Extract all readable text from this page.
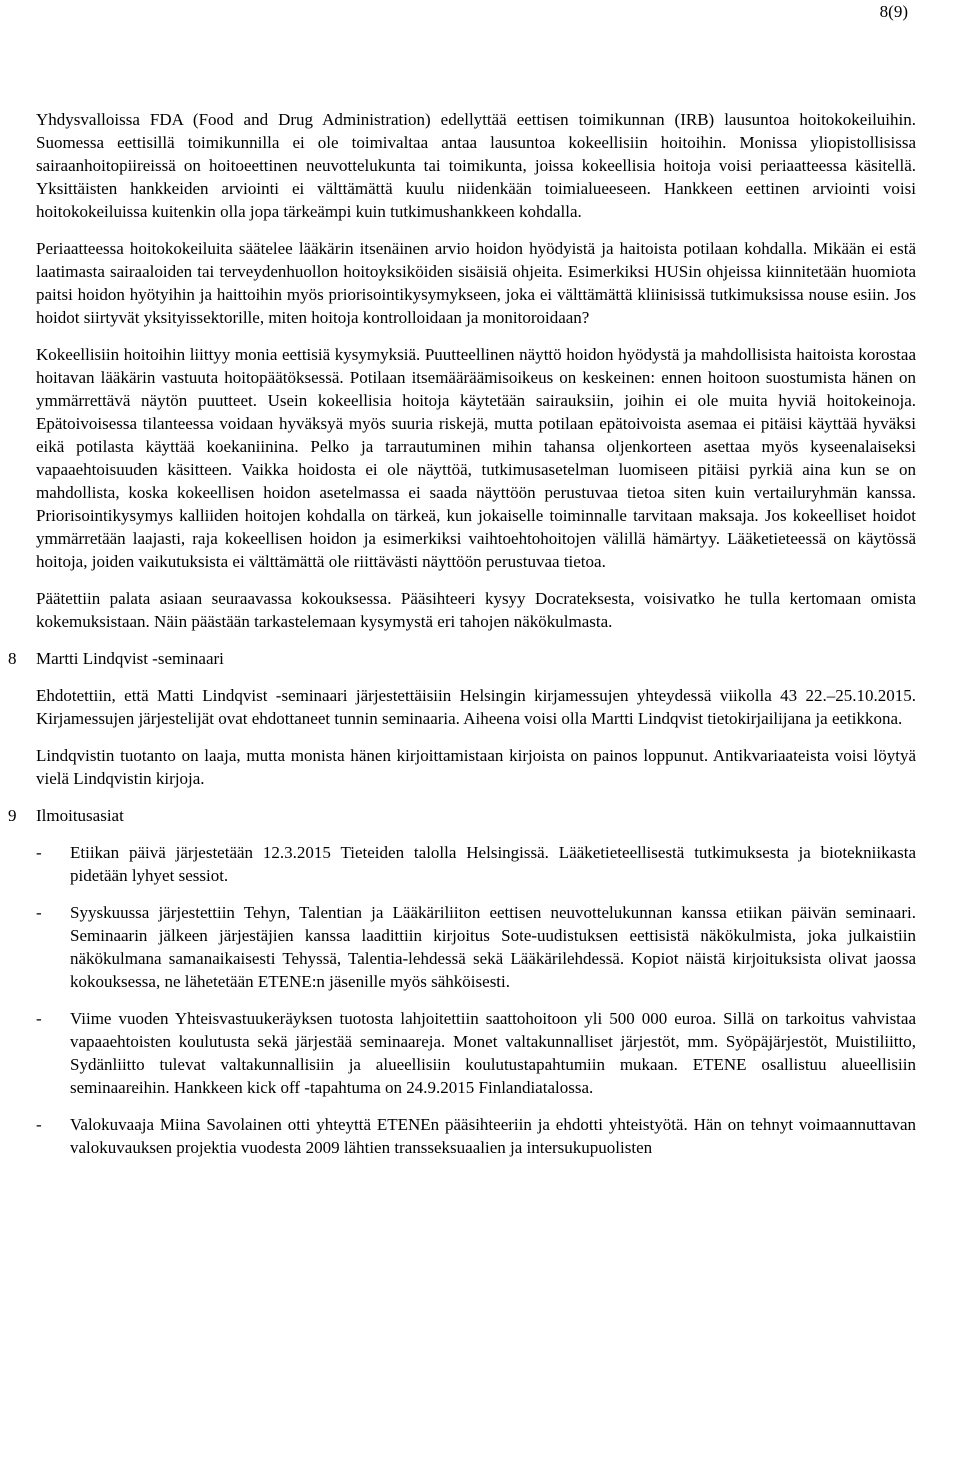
8(9)

Yhdysvalloissa FDA (Food and Drug Administration) edellyttää eettisen toimikunnan (IRB) lausuntoa hoitokokeiluihin. Suomessa eettisillä toimikunnilla ei ole toimivaltaa antaa lausuntoa kokeellisiin hoitoihin. Monissa yliopistollisissa sairaanhoitopiireissä on hoitoeettinen neuvottelukunta tai toimikunta, joissa kokeellisia hoitoja voisi periaatteessa käsitellä. Yksittäisten hankkeiden arviointi ei välttämättä kuulu niidenkään toimialueeseen. Hankkeen eettinen arviointi voisi hoitokokeiluissa kuitenkin olla jopa tärkeämpi kuin tutkimushankkeen kohdalla.

Periaatteessa hoitokokeiluita säätelee lääkärin itsenäinen arvio hoidon hyödyistä ja haitoista potilaan kohdalla. Mikään ei estä laatimasta sairaaloiden tai terveydenhuollon hoitoyksiköiden sisäisiä ohjeita. Esimerkiksi HUSin ohjeissa kiinnitetään huomiota paitsi hoidon hyötyihin ja haittoihin myös priorisointikysymykseen, joka ei välttämättä kliinisissä tutkimuksissa nouse esiin. Jos hoidot siirtyvät yksityissektorille, miten hoitoja kontrolloidaan ja monitoroidaan?

Kokeellisiin hoitoihin liittyy monia eettisiä kysymyksiä. Puutteellinen näyttö hoidon hyödystä ja mahdollisista haitoista korostaa hoitavan lääkärin vastuuta hoitopäätöksessä. Potilaan itsemääräämisoikeus on keskeinen: ennen hoitoon suostumista hänen on ymmärrettävä näytön puutteet. Usein kokeellisia hoitoja käytetään sairauksiin, joihin ei ole muita hyviä hoitokeinoja. Epätoivoisessa tilanteessa voidaan hyväksyä myös suuria riskejä, mutta potilaan epätoivoista asemaa ei pitäisi käyttää hyväksi eikä potilasta käyttää koekaniinina. Pelko ja tarrautuminen mihin tahansa oljenkorteen asettaa myös kyseenalaiseksi vapaaehtoisuuden käsitteen. Vaikka hoidosta ei ole näyttöä, tutkimusasetelman luomiseen pitäisi pyrkiä aina kun se on mahdollista, koska kokeellisen hoidon asetelmassa ei saada näyttöön perustuvaa tietoa siten kuin vertailuryhmän kanssa. Priorisointikysymys kalliiden hoitojen kohdalla on tärkeä, kun jokaiselle toiminnalle tarvitaan maksaja. Jos kokeelliset hoidot ymmärretään laajasti, raja kokeellisen hoidon ja esimerkiksi vaihtoehtohoitojen välillä hämärtyy. Lääketieteessä on käytössä hoitoja, joiden vaikutuksista ei välttämättä ole riittävästi näyttöön perustuvaa tietoa.

Päätettiin palata asiaan seuraavassa kokouksessa. Pääsihteeri kysyy Docrateksesta, voisivatko he tulla kertomaan omista kokemuksistaan. Näin päästään tarkastelemaan kysymystä eri tahojen näkökulmasta.

8 Martti Lindqvist -seminaari

Ehdotettiin, että Matti Lindqvist -seminaari järjestettäisiin Helsingin kirjamessujen yhteydessä viikolla 43 22.–25.10.2015. Kirjamessujen järjestelijät ovat ehdottaneet tunnin seminaaria. Aiheena voisi olla Martti Lindqvist tietokirjailijana ja eetikkona.

Lindqvistin tuotanto on laaja, mutta monista hänen kirjoittamistaan kirjoista on painos loppunut. Antikvariaateista voisi löytyä vielä Lindqvistin kirjoja.

9 Ilmoitusasiat
- Etiikan päivä järjestetään 12.3.2015 Tieteiden talolla Helsingissä. Lääketieteellisestä tutkimuksesta ja biotekniikasta pidetään lyhyet sessiot.
- Syyskuussa järjestettiin Tehyn, Talentian ja Lääkäriliiton eettisen neuvottelukunnan kanssa etiikan päivän seminaari. Seminaarin jälkeen järjestäjien kanssa laadittiin kirjoitus Sote-uudistuksen eettisistä näkökulmista, joka julkaistiin näkökulmana samanaikaisesti Tehyssä, Talentia-lehdessä sekä Lääkärilehdessä. Kopiot näistä kirjoituksista olivat jaossa kokouksessa, ne lähetetään ETENE:n jäsenille myös sähköisesti.
- Viime vuoden Yhteisvastuukeräyksen tuotosta lahjoitettiin saattohoitoon yli 500 000 euroa. Sillä on tarkoitus vahvistaa vapaaehtoisten koulutusta sekä järjestää seminaareja. Monet valtakunnalliset järjestöt, mm. Syöpäjärjestöt, Muistiliitto, Sydänliitto tulevat valtakunnallisiin ja alueellisiin koulutustapahtumiin mukaan. ETENE osallistuu alueellisiin seminaareihin. Hankkeen kick off -tapahtuma on 24.9.2015 Finlandiatalossa.
- Valokuvaaja Miina Savolainen otti yhteyttä ETENEn pääsihteeriin ja ehdotti yhteistyötä. Hän on tehnyt voimaannuttavan valokuvauksen projektia vuodesta 2009 lähtien transseksuaalien ja intersukupuolisten
